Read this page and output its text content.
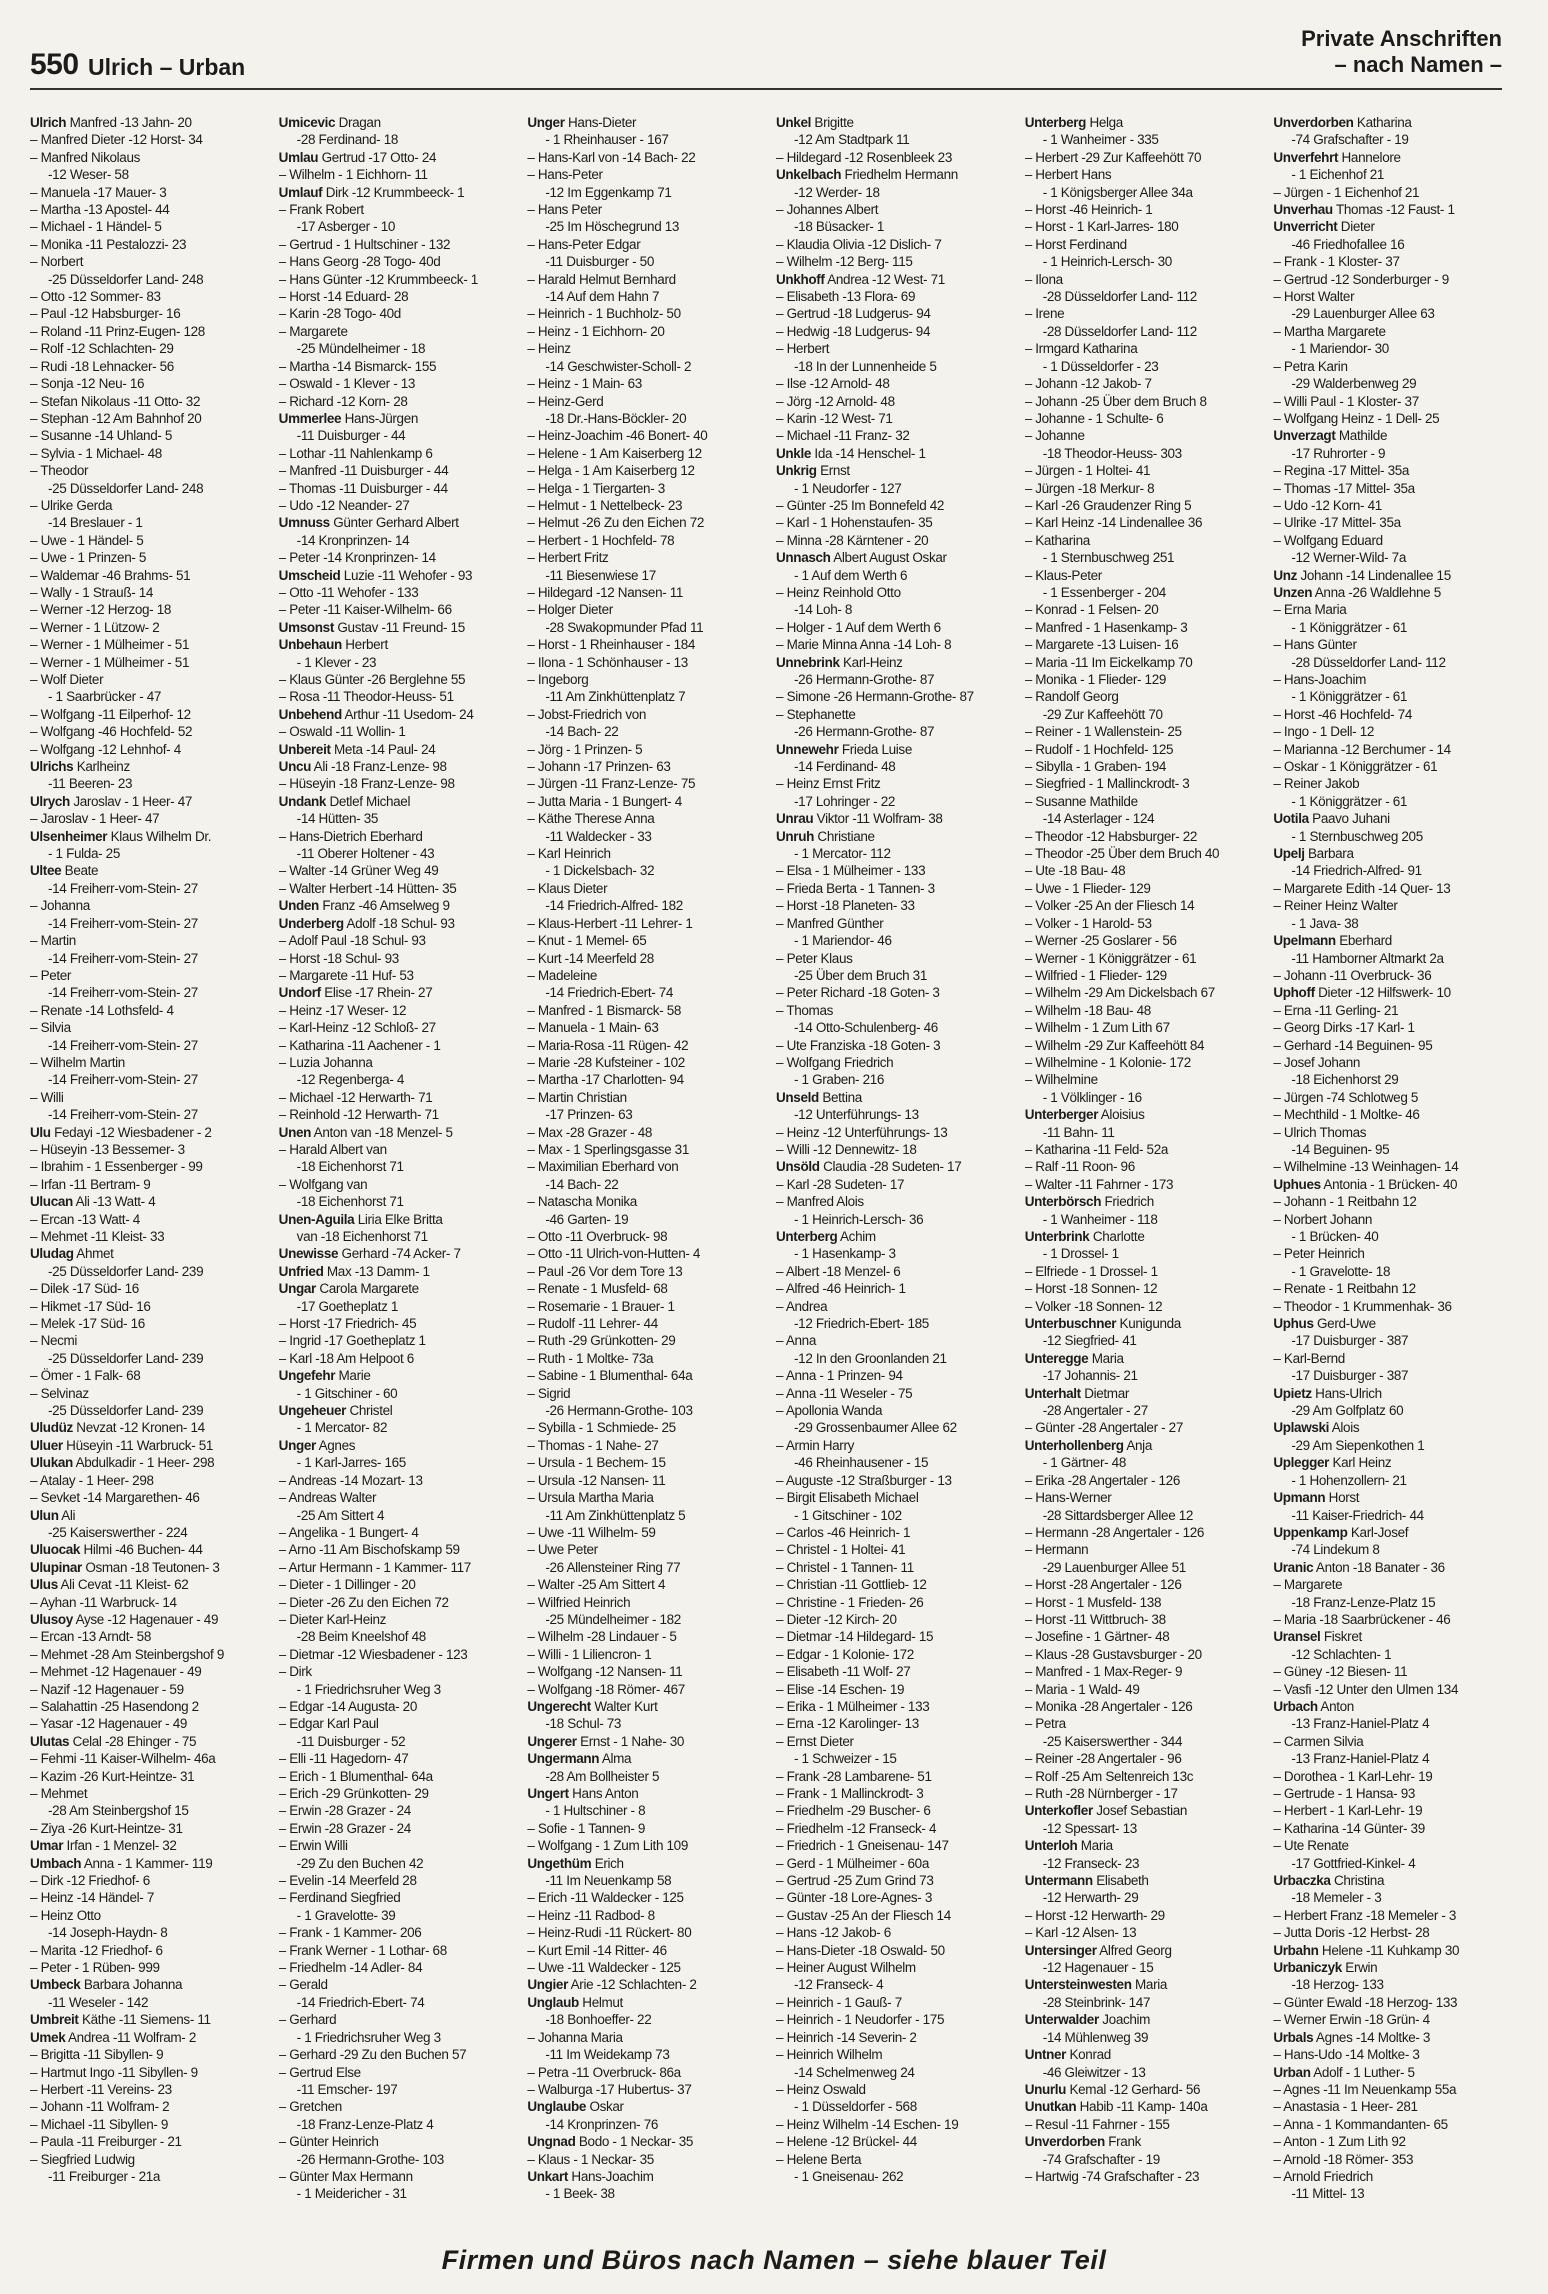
550 Ulrich – Urban
Private Anschriften
– nach Namen –
Ulrich Manfred -13 Jahn- 20
– Manfred Dieter -12 Horst- 34
– Manfred Nikolaus
-12 Weser- 58
– Manuela -17 Mauer- 3
– Martha -13 Apostel- 44
– Michael - 1 Händel- 5
– Monika -11 Pestalozzi- 23
– Norbert
-25 Düsseldorfer Land- 248
– Otto -12 Sommer- 83
– Paul -12 Habsburger- 16
– Roland -11 Prinz-Eugen- 128
– Rolf -12 Schlachten- 29
– Rudi -18 Lehnacker- 56
– Sonja -12 Neu- 16
– Stefan Nikolaus -11 Otto- 32
– Stephan -12 Am Bahnhof 20
– Susanne -14 Uhland- 5
– Sylvia - 1 Michael- 48
– Theodor
-25 Düsseldorfer Land- 248
– Ulrike Gerda
-14 Breslauer - 1
– Uwe - 1 Händel- 5
– Uwe - 1 Prinzen- 5
– Waldemar -46 Brahms- 51
– Wally - 1 Strauß- 14
– Werner -12 Herzog- 18
– Werner - 1 Lützow- 2
– Werner - 1 Mülheimer - 51
– Werner - 1 Mülheimer - 51
– Wolf Dieter
- 1 Saarbrücker - 47
– Wolfgang -11 Eilperhof- 12
– Wolfgang -46 Hochfeld- 52
– Wolfgang -12 Lehnhof- 4
Ulrichs Karlheinz
-11 Beeren- 23
Ulrych Jaroslav - 1 Heer- 47
– Jaroslav - 1 Heer- 47
Ulsenheimer Klaus Wilhelm Dr.
- 1 Fulda- 25
Ultee Beate
-14 Freiherr-vom-Stein- 27
– Johanna
-14 Freiherr-vom-Stein- 27
– Martin
-14 Freiherr-vom-Stein- 27
– Peter
-14 Freiherr-vom-Stein- 27
– Renate -14 Lothsfeld- 4
– Silvia
-14 Freiherr-vom-Stein- 27
– Wilhelm Martin
-14 Freiherr-vom-Stein- 27
– Willi
-14 Freiherr-vom-Stein- 27
Ulu Fedayi -12 Wiesbadener - 2
– Hüseyin -13 Bessemer- 3
– Ibrahim - 1 Essenberger - 99
– Irfan -11 Bertram- 9
Ulucan Ali -13 Watt- 4
– Ercan -13 Watt- 4
– Mehmet -11 Kleist- 33
Uludag Ahmet
-25 Düsseldorfer Land- 239
– Dilek -17 Süd- 16
– Hikmet -17 Süd- 16
– Melek -17 Süd- 16
– Necmi
-25 Düsseldorfer Land- 239
– Ömer - 1 Falk- 68
– Selvinaz
-25 Düsseldorfer Land- 239
Uludüz Nevzat -12 Kronen- 14
Uluer Hüseyin -11 Warbruck- 51
Ulukan Abdulkadir - 1 Heer- 298
– Atalay - 1 Heer- 298
– Sevket -14 Margarethen- 46
Ulun Ali
-25 Kaiserswerther - 224
Uluocak Hilmi -46 Buchen- 44
Ulupinar Osman -18 Teutonen- 3
Ulus Ali Cevat -11 Kleist- 62
– Ayhan -11 Warbruck- 14
Ulusoy Ayse -12 Hagenauer - 49
– Ercan -13 Arndt- 58
– Mehmet -28 Am Steinbergshof 9
– Mehmet -12 Hagenauer - 49
– Nazif -12 Hagenauer - 59
– Salahattin -25 Hasendong 2
– Yasar -12 Hagenauer - 49
Ulutas Celal -28 Ehinger - 75
– Fehmi -11 Kaiser-Wilhelm- 46a
– Kazim -26 Kurt-Heintze- 31
– Mehmet
-28 Am Steinbergshof 15
– Ziya -26 Kurt-Heintze- 31
Umar Irfan - 1 Menzel- 32
Umbach Anna - 1 Kammer- 119
– Dirk -12 Friedhof- 6
– Heinz -14 Händel- 7
– Heinz Otto
-14 Joseph-Haydn- 8
– Marita -12 Friedhof- 6
– Peter - 1 Rüben- 999
Umbeck Barbara Johanna
-11 Weseler - 142
Umbreit Käthe -11 Siemens- 11
Umek Andrea -11 Wolfram- 2
– Brigitta -11 Sibyllen- 9
– Hartmut Ingo -11 Sibyllen- 9
– Herbert -11 Vereins- 23
– Johann -11 Wolfram- 2
– Michael -11 Sibyllen- 9
– Paula -11 Freiburger - 21
– Siegfried Ludwig
-11 Freiburger - 21a
Umicevic Dragan
-28 Ferdinand- 18
Umlau Gertrud -17 Otto- 24
– Wilhelm - 1 Eichhorn- 11
Umlauf Dirk -12 Krummbeeck- 1
– Frank Robert
-17 Asberger - 10
– Gertrud - 1 Hultschiner - 132
– Hans Georg -28 Togo- 40d
– Hans Günter -12 Krummbeeck- 1
– Horst -14 Eduard- 28
– Karin -28 Togo- 40d
– Margarete
-25 Mündelheimer - 18
– Martha -14 Bismarck- 155
– Oswald - 1 Klever - 13
– Richard -12 Korn- 28
Ummerlee Hans-Jürgen
-11 Duisburger - 44
– Lothar -11 Nahlenkamp 6
– Manfred -11 Duisburger - 44
– Thomas -11 Duisburger - 44
– Udo -12 Neander- 27
Umnuss Günter Gerhard Albert
-14 Kronprinzen- 14
– Peter -14 Kronprinzen- 14
Umscheid Luzie -11 Wehofer - 93
– Otto -11 Wehofer - 133
– Peter -11 Kaiser-Wilhelm- 66
Umsonst Gustav -11 Freund- 15
Unbehaun Herbert
- 1 Klever - 23
– Klaus Günter -26 Berglehne 55
– Rosa -11 Theodor-Heuss- 51
Unbehend Arthur -11 Usedom- 24
– Oswald -11 Wollin- 1
Unbereit Meta -14 Paul- 24
Uncu Ali -18 Franz-Lenze- 98
– Hüseyin -18 Franz-Lenze- 98
Undank Detlef Michael
-14 Hütten- 35
– Hans-Dietrich Eberhard
-11 Oberer Holtener - 43
– Walter -14 Grüner Weg 49
– Walter Herbert -14 Hütten- 35
Unden Franz -46 Amselweg 9
Underberg Adolf -18 Schul- 93
– Adolf Paul -18 Schul- 93
– Horst -18 Schul- 93
– Margarete -11 Huf- 53
Undorf Elise -17 Rhein- 27
– Heinz -17 Weser- 12
– Karl-Heinz -12 Schloß- 27
– Katharina -11 Aachener - 1
– Luzia Johanna
-12 Regenberga- 4
– Michael -12 Herwarth- 71
– Reinhold -12 Herwarth- 71
Unen Anton van -18 Menzel- 5
– Harald Albert van
-18 Eichenhorst 71
– Wolfgang van
-18 Eichenhorst 71
Unen-Aguila Liria Elke Britta
van -18 Eichenhorst 71
Unewisse Gerhard -74 Acker- 7
Unfried Max -13 Damm- 1
Ungar Carola Margarete
-17 Goetheplatz 1
– Horst -17 Friedrich- 45
– Ingrid -17 Goetheplatz 1
– Karl -18 Am Helpoot 6
Ungefehr Marie
- 1 Gitschiner - 60
Ungeheuer Christel
- 1 Mercator- 82
Unger Agnes
- 1 Karl-Jarres- 165
– Andreas -14 Mozart- 13
– Andreas Walter
-25 Am Sittert 4
– Angelika - 1 Bungert- 4
– Arno -11 Am Bischofskamp 59
– Artur Hermann - 1 Kammer- 117
– Dieter - 1 Dillinger - 20
– Dieter -26 Zu den Eichen 72
– Dieter Karl-Heinz
-28 Beim Kneelshof 48
– Dietmar -12 Wiesbadener - 123
– Dirk
- 1 Friedrichsruher Weg 3
– Edgar -14 Augusta- 20
– Edgar Karl Paul
-11 Duisburger - 52
– Elli -11 Hagedorn- 47
– Erich - 1 Blumenthal- 64a
– Erich -29 Grünkotten- 29
– Erwin -28 Grazer - 24
– Erwin -28 Grazer - 24
– Erwin Willi
-29 Zu den Buchen 42
– Evelin -14 Meerfeld 28
– Ferdinand Siegfried
- 1 Gravelotte- 39
– Frank - 1 Kammer- 206
– Frank Werner - 1 Lothar- 68
– Friedhelm -14 Adler- 84
– Gerald
-14 Friedrich-Ebert- 74
– Gerhard
- 1 Friedrichsruher Weg 3
– Gerhard -29 Zu den Buchen 57
– Gertrud Else
-11 Emscher- 197
– Gretchen
-18 Franz-Lenze-Platz 4
– Günter Heinrich
-26 Hermann-Grothe- 103
– Günter Max Hermann
- 1 Meidericher - 31
Unger Hans-Dieter
- 1 Rheinhauser - 167
– Hans-Karl von -14 Bach- 22
– Hans-Peter
-12 Im Eggenkamp 71
– Hans Peter
-25 Im Höschegrund 13
– Hans-Peter Edgar
-11 Duisburger - 50
– Harald Helmut Bernhard
-14 Auf dem Hahn 7
– Heinrich - 1 Buchholz- 50
– Heinz - 1 Eichhorn- 20
– Heinz
-14 Geschwister-Scholl- 2
– Heinz - 1 Main- 63
– Heinz-Gerd
-18 Dr.-Hans-Böckler- 20
– Heinz-Joachim -46 Bonert- 40
– Helene - 1 Am Kaiserberg 12
– Helga - 1 Am Kaiserberg 12
– Helga - 1 Tiergarten- 3
– Helmut - 1 Nettelbeck- 23
– Helmut -26 Zu den Eichen 72
– Herbert - 1 Hochfeld- 78
– Herbert Fritz
-11 Biesenwiese 17
– Hildegard -12 Nansen- 11
– Holger Dieter
-28 Swakopmunder Pfad 11
– Horst - 1 Rheinhauser - 184
– Ilona - 1 Schönhauser - 13
– Ingeborg
-11 Am Zinkhüttenplatz 7
– Jobst-Friedrich von
-14 Bach- 22
– Jörg - 1 Prinzen- 5
– Johann -17 Prinzen- 63
– Jürgen -11 Franz-Lenze- 75
– Jutta Maria - 1 Bungert- 4
– Käthe Therese Anna
-11 Waldecker - 33
– Karl Heinrich
- 1 Dickelsbach- 32
– Klaus Dieter
-14 Friedrich-Alfred- 182
– Klaus-Herbert -11 Lehrer- 1
– Knut - 1 Memel- 65
– Kurt -14 Meerfeld 28
– Madeleine
-14 Friedrich-Ebert- 74
– Manfred - 1 Bismarck- 58
– Manuela - 1 Main- 63
– Maria-Rosa -11 Rügen- 42
– Marie -28 Kufsteiner - 102
– Martha -17 Charlotten- 94
– Martin Christian
-17 Prinzen- 63
– Max -28 Grazer - 48
– Max - 1 Sperlingsgasse 31
– Maximilian Eberhard von
-14 Bach- 22
– Natascha Monika
-46 Garten- 19
– Otto -11 Overbruck- 98
– Otto -11 Ulrich-von-Hutten- 4
– Paul -26 Vor dem Tore 13
– Renate - 1 Musfeld- 68
– Rosemarie - 1 Brauer- 1
– Rudolf -11 Lehrer- 44
– Ruth -29 Grünkotten- 29
– Ruth - 1 Moltke- 73a
– Sabine - 1 Blumenthal- 64a
– Sigrid
-26 Hermann-Grothe- 103
– Sybilla - 1 Schmiede- 25
– Thomas - 1 Nahe- 27
– Ursula - 1 Bechem- 15
– Ursula -12 Nansen- 11
– Ursula Martha Maria
-11 Am Zinkhüttenplatz 5
– Uwe -11 Wilhelm- 59
– Uwe Peter
-26 Allensteiner Ring 77
– Walter -25 Am Sittert 4
– Wilfried Heinrich
-25 Mündelheimer - 182
– Wilhelm -28 Lindauer - 5
– Willi - 1 Liliencron- 1
– Wolfgang -12 Nansen- 11
– Wolfgang -18 Römer- 467
Ungerecht Walter Kurt
-18 Schul- 73
Ungerer Ernst - 1 Nahe- 30
Ungermann Alma
-28 Am Bollheister 5
Ungert Hans Anton
- 1 Hultschiner - 8
– Sofie - 1 Tannen- 9
– Wolfgang - 1 Zum Lith 109
Ungethüm Erich
-11 Im Neuenkamp 58
– Erich -11 Waldecker - 125
– Heinz -11 Radbod- 8
– Heinz-Rudi -11 Rückert- 80
– Kurt Emil -14 Ritter- 46
– Uwe -11 Waldecker - 125
Ungier Arie -12 Schlachten- 2
Unglaub Helmut
-18 Bonhoeffer- 22
– Johanna Maria
-11 Im Weidekamp 73
– Petra -11 Overbruck- 86a
– Walburga -17 Hubertus- 37
Unglaube Oskar
-14 Kronprinzen- 76
Ungnad Bodo - 1 Neckar- 35
– Klaus - 1 Neckar- 35
Unkart Hans-Joachim
- 1 Beek- 38
Unkel Brigitte
-12 Am Stadtpark 11
– Hildegard -12 Rosenbleek 23
Unkelbach Friedhelm Hermann
-12 Werder- 18
– Johannes Albert
-18 Büsacker- 1
– Klaudia Olivia -12 Dislich- 7
– Wilhelm -12 Berg- 115
Unkhoff Andrea -12 West- 71
– Elisabeth -13 Flora- 69
– Gertrud -18 Ludgerus- 94
– Hedwig -18 Ludgerus- 94
– Herbert
-18 In der Lunnenheide 5
– Ilse -12 Arnold- 48
– Jörg -12 Arnold- 48
– Karin -12 West- 71
– Michael -11 Franz- 32
Unkle Ida -14 Henschel- 1
Unkrig Ernst
- 1 Neudorfer - 127
– Günter -25 Im Bonnefeld 42
– Karl - 1 Hohenstaufen- 35
– Minna -28 Kärntener - 20
Unnasch Albert August Oskar
- 1 Auf dem Werth 6
– Heinz Reinhold Otto
-14 Loh- 8
– Holger - 1 Auf dem Werth 6
– Marie Minna Anna -14 Loh- 8
Unnebrink Karl-Heinz
-26 Hermann-Grothe- 87
– Simone -26 Hermann-Grothe- 87
– Stephanette
-26 Hermann-Grothe- 87
Unnewehr Frieda Luise
-14 Ferdinand- 48
– Heinz Ernst Fritz
-17 Lohringer - 22
Unrau Viktor -11 Wolfram- 38
Unruh Christiane
- 1 Mercator- 112
– Elsa - 1 Mülheimer - 133
– Frieda Berta - 1 Tannen- 3
– Horst -18 Planeten- 33
– Manfred Günther
- 1 Mariendor- 46
– Peter Klaus
-25 Über dem Bruch 31
– Peter Richard -18 Goten- 3
– Thomas
-14 Otto-Schulenberg- 46
– Ute Franziska -18 Goten- 3
– Wolfgang Friedrich
- 1 Graben- 216
Unseld Bettina
-12 Unterführungs- 13
– Heinz -12 Unterführungs- 13
– Willi -12 Dennewitz- 18
Unsöld Claudia -28 Sudeten- 17
– Karl -28 Sudeten- 17
– Manfred Alois
- 1 Heinrich-Lersch- 36
Unterberg Achim
- 1 Hasenkamp- 3
– Albert -18 Menzel- 6
– Alfred -46 Heinrich- 1
– Andrea
-12 Friedrich-Ebert- 185
– Anna
-12 In den Groonlanden 21
– Anna - 1 Prinzen- 94
– Anna -11 Weseler - 75
– Apollonia Wanda
-29 Grossenbaumer Allee 62
– Armin Harry
-46 Rheinhausener - 15
– Auguste -12 Straßburger - 13
– Birgit Elisabeth Michael
- 1 Gitschiner - 102
– Carlos -46 Heinrich- 1
– Christel - 1 Holtei- 41
– Christel - 1 Tannen- 11
– Christian -11 Gottlieb- 12
– Christine - 1 Frieden- 26
– Dieter -12 Kirch- 20
– Dietmar -14 Hildegard- 15
– Edgar - 1 Kolonie- 172
– Elisabeth -11 Wolf- 27
– Elise -14 Eschen- 19
– Erika - 1 Mülheimer - 133
– Erna -12 Karolinger- 13
– Ernst Dieter
- 1 Schweizer - 15
– Frank -28 Lambarene- 51
– Frank - 1 Mallinckrodt- 3
– Friedhelm -29 Buscher- 6
– Friedhelm -12 Franseck- 4
– Friedrich - 1 Gneisenau- 147
– Gerd - 1 Mülheimer - 60a
– Gertrud -25 Zum Grind 73
– Günter -18 Lore-Agnes- 3
– Gustav -25 An der Fliesch 14
– Hans -12 Jakob- 6
– Hans-Dieter -18 Oswald- 50
– Heiner August Wilhelm
-12 Franseck- 4
– Heinrich - 1 Gauß- 7
– Heinrich - 1 Neudorfer - 175
– Heinrich -14 Severin- 2
– Heinrich Wilhelm
-14 Schelmenweg 24
– Heinz Oswald
- 1 Düsseldorfer - 568
– Heinz Wilhelm -14 Eschen- 19
– Helene -12 Brückel- 44
– Helene Berta
- 1 Gneisenau- 262
Unterberg Helga
- 1 Wanheimer - 335
– Herbert -29 Zur Kaffeehött 70
– Herbert Hans
- 1 Königsberger Allee 34a
– Horst -46 Heinrich- 1
– Horst - 1 Karl-Jarres- 180
– Horst Ferdinand
- 1 Heinrich-Lersch- 30
– Ilona
-28 Düsseldorfer Land- 112
– Irene
-28 Düsseldorfer Land- 112
– Irmgard Katharina
- 1 Düsseldorfer - 23
– Johann -12 Jakob- 7
– Johann -25 Über dem Bruch 8
– Johanne - 1 Schulte- 6
– Johanne
-18 Theodor-Heuss- 303
– Jürgen - 1 Holtei- 41
– Jürgen -18 Merkur- 8
– Karl -26 Graudenzer Ring 5
– Karl Heinz -14 Lindenallee 36
– Katharina
- 1 Sternbuschweg 251
– Klaus-Peter
- 1 Essenberger - 204
– Konrad - 1 Felsen- 20
– Manfred - 1 Hasenkamp- 3
– Margarete -13 Luisen- 16
– Maria -11 Im Eickelkamp 70
– Monika - 1 Flieder- 129
– Randolf Georg
-29 Zur Kaffeehött 70
– Reiner - 1 Wallenstein- 25
– Rudolf - 1 Hochfeld- 125
– Sibylla - 1 Graben- 194
– Siegfried - 1 Mallinckrodt- 3
– Susanne Mathilde
-14 Asterlager - 124
– Theodor -12 Habsburger- 22
– Theodor -25 Über dem Bruch 40
– Ute -18 Bau- 48
– Uwe - 1 Flieder- 129
– Volker -25 An der Fliesch 14
– Volker - 1 Harold- 53
– Werner -25 Goslarer - 56
– Werner - 1 Königgrätzer - 61
– Wilfried - 1 Flieder- 129
– Wilhelm -29 Am Dickelsbach 67
– Wilhelm -18 Bau- 48
– Wilhelm - 1 Zum Lith 67
– Wilhelm -29 Zur Kaffeehött 84
– Wilhelmine - 1 Kolonie- 172
– Wilhelmine
- 1 Völklinger - 16
Unterberger Aloisius
-11 Bahn- 11
– Katharina -11 Feld- 52a
– Ralf -11 Roon- 96
– Walter -11 Fahrner - 173
Unterbörsch Friedrich
- 1 Wanheimer - 118
Unterbrink Charlotte
- 1 Drossel- 1
– Elfriede - 1 Drossel- 1
– Horst -18 Sonnen- 12
– Volker -18 Sonnen- 12
Unterbuschner Kunigunda
-12 Siegfried- 41
Unteregge Maria
-17 Johannis- 21
Unterhalt Dietmar
-28 Angertaler - 27
– Günter -28 Angertaler - 27
Unterhollenberg Anja
- 1 Gärtner- 48
– Erika -28 Angertaler - 126
– Hans-Werner
-28 Sittardsberger Allee 12
– Hermann -28 Angertaler - 126
– Hermann
-29 Lauenburger Allee 51
– Horst -28 Angertaler - 126
– Horst - 1 Musfeld- 138
– Horst -11 Wittbruch- 38
– Josefine - 1 Gärtner- 48
– Klaus -28 Gustavsburger - 20
– Manfred - 1 Max-Reger- 9
– Maria - 1 Wald- 49
– Monika -28 Angertaler - 126
– Petra
-25 Kaiserswerther - 344
– Reiner -28 Angertaler - 96
– Rolf -25 Am Seltenreich 13c
– Ruth -28 Nürnberger - 17
Unterkofler Josef Sebastian
-12 Spessart- 13
Unterloh Maria
-12 Franseck- 23
Untermann Elisabeth
-12 Herwarth- 29
– Horst -12 Herwarth- 29
– Karl -12 Alsen- 13
Untersinger Alfred Georg
-12 Hagenauer - 15
Untersteinwesten Maria
-28 Steinbrink- 147
Unterwalder Joachim
-14 Mühlenweg 39
Untner Konrad
-46 Gleiwitzer - 13
Unurlu Kemal -12 Gerhard- 56
Unutkan Habib -11 Kamp- 140a
– Resul -11 Fahrner - 155
Unverdorben Frank
-74 Grafschafter - 19
– Hartwig -74 Grafschafter - 23
Unverdorben Katharina
-74 Grafschafter - 19
Unverfehrt Hannelore
- 1 Eichenhof 21
– Jürgen - 1 Eichenhof 21
Unverhau Thomas -12 Faust- 1
Unverricht Dieter
-46 Friedhofallee 16
– Frank - 1 Kloster- 37
– Gertrud -12 Sonderburger - 9
– Horst Walter
-29 Lauenburger Allee 63
– Martha Margarete
- 1 Mariendor- 30
– Petra Karin
-29 Walderbenweg 29
– Willi Paul - 1 Kloster- 37
– Wolfgang Heinz - 1 Dell- 25
Unverzagt Mathilde
-17 Ruhrorter - 9
– Regina -17 Mittel- 35a
– Thomas -17 Mittel- 35a
– Udo -12 Korn- 41
– Ulrike -17 Mittel- 35a
– Wolfgang Eduard
-12 Werner-Wild- 7a
Unz Johann -14 Lindenallee 15
Unzen Anna -26 Waldlehne 5
– Erna Maria
- 1 Königgrätzer - 61
– Hans Günter
-28 Düsseldorfer Land- 112
– Hans-Joachim
- 1 Königgrätzer - 61
– Horst -46 Hochfeld- 74
– Ingo - 1 Dell- 12
– Marianna -12 Berchumer - 14
– Oskar - 1 Königgrätzer - 61
– Reiner Jakob
- 1 Königgrätzer - 61
Uotila Paavo Juhani
- 1 Sternbuschweg 205
Upelj Barbara
-14 Friedrich-Alfred- 91
– Margarete Edith -14 Quer- 13
– Reiner Heinz Walter
- 1 Java- 38
Upelmann Eberhard
-11 Hamborner Altmarkt 2a
– Johann -11 Overbruck- 36
Uphoff Dieter -12 Hilfswerk- 10
– Erna -11 Gerling- 21
– Georg Dirks -17 Karl- 1
– Gerhard -14 Beguinen- 95
– Josef Johann
-18 Eichenhorst 29
– Jürgen -74 Schlotweg 5
– Mechthild - 1 Moltke- 46
– Ulrich Thomas
-14 Beguinen- 95
– Wilhelmine -13 Weinhagen- 14
Uphues Antonia - 1 Brücken- 40
– Johann - 1 Reitbahn 12
– Norbert Johann
- 1 Brücken- 40
– Peter Heinrich
- 1 Gravelotte- 18
– Renate - 1 Reitbahn 12
– Theodor - 1 Krummenhak- 36
Uphus Gerd-Uwe
-17 Duisburger - 387
– Karl-Bernd
-17 Duisburger - 387
Upietz Hans-Ulrich
-29 Am Golfplatz 60
Uplawski Alois
-29 Am Siepenkothen 1
Uplegger Karl Heinz
- 1 Hohenzollern- 21
Upmann Horst
-11 Kaiser-Friedrich- 44
Uppenkamp Karl-Josef
-74 Lindekum 8
Uranic Anton -18 Banater - 36
– Margarete
-18 Franz-Lenze-Platz 15
– Maria -18 Saarbrückener - 46
Uransel Fiskret
-12 Schlachten- 1
– Güney -12 Biesen- 11
– Vasfi -12 Unter den Ulmen 134
Urbach Anton
-13 Franz-Haniel-Platz 4
– Carmen Silvia
-13 Franz-Haniel-Platz 4
– Dorothea - 1 Karl-Lehr- 19
– Gertrude - 1 Hansa- 93
– Herbert - 1 Karl-Lehr- 19
– Katharina -14 Günter- 39
– Ute Renate
-17 Gottfried-Kinkel- 4
Urbaczka Christina
-18 Memeler - 3
– Herbert Franz -18 Memeler - 3
– Jutta Doris -12 Herbst- 28
Urbahn Helene -11 Kuhkamp 30
Urbaniczyk Erwin
-18 Herzog- 133
– Günter Ewald -18 Herzog- 133
– Werner Erwin -18 Grün- 4
Urbals Agnes -14 Moltke- 3
– Hans-Udo -14 Moltke- 3
Urban Adolf - 1 Luther- 5
– Agnes -11 Im Neuenkamp 55a
– Anastasia - 1 Heer- 281
– Anna - 1 Kommandanten- 65
– Anton - 1 Zum Lith 92
– Arnold -18 Römer- 353
– Arnold Friedrich
-11 Mittel- 13
Firmen und Büros nach Namen – siehe blauer Teil
